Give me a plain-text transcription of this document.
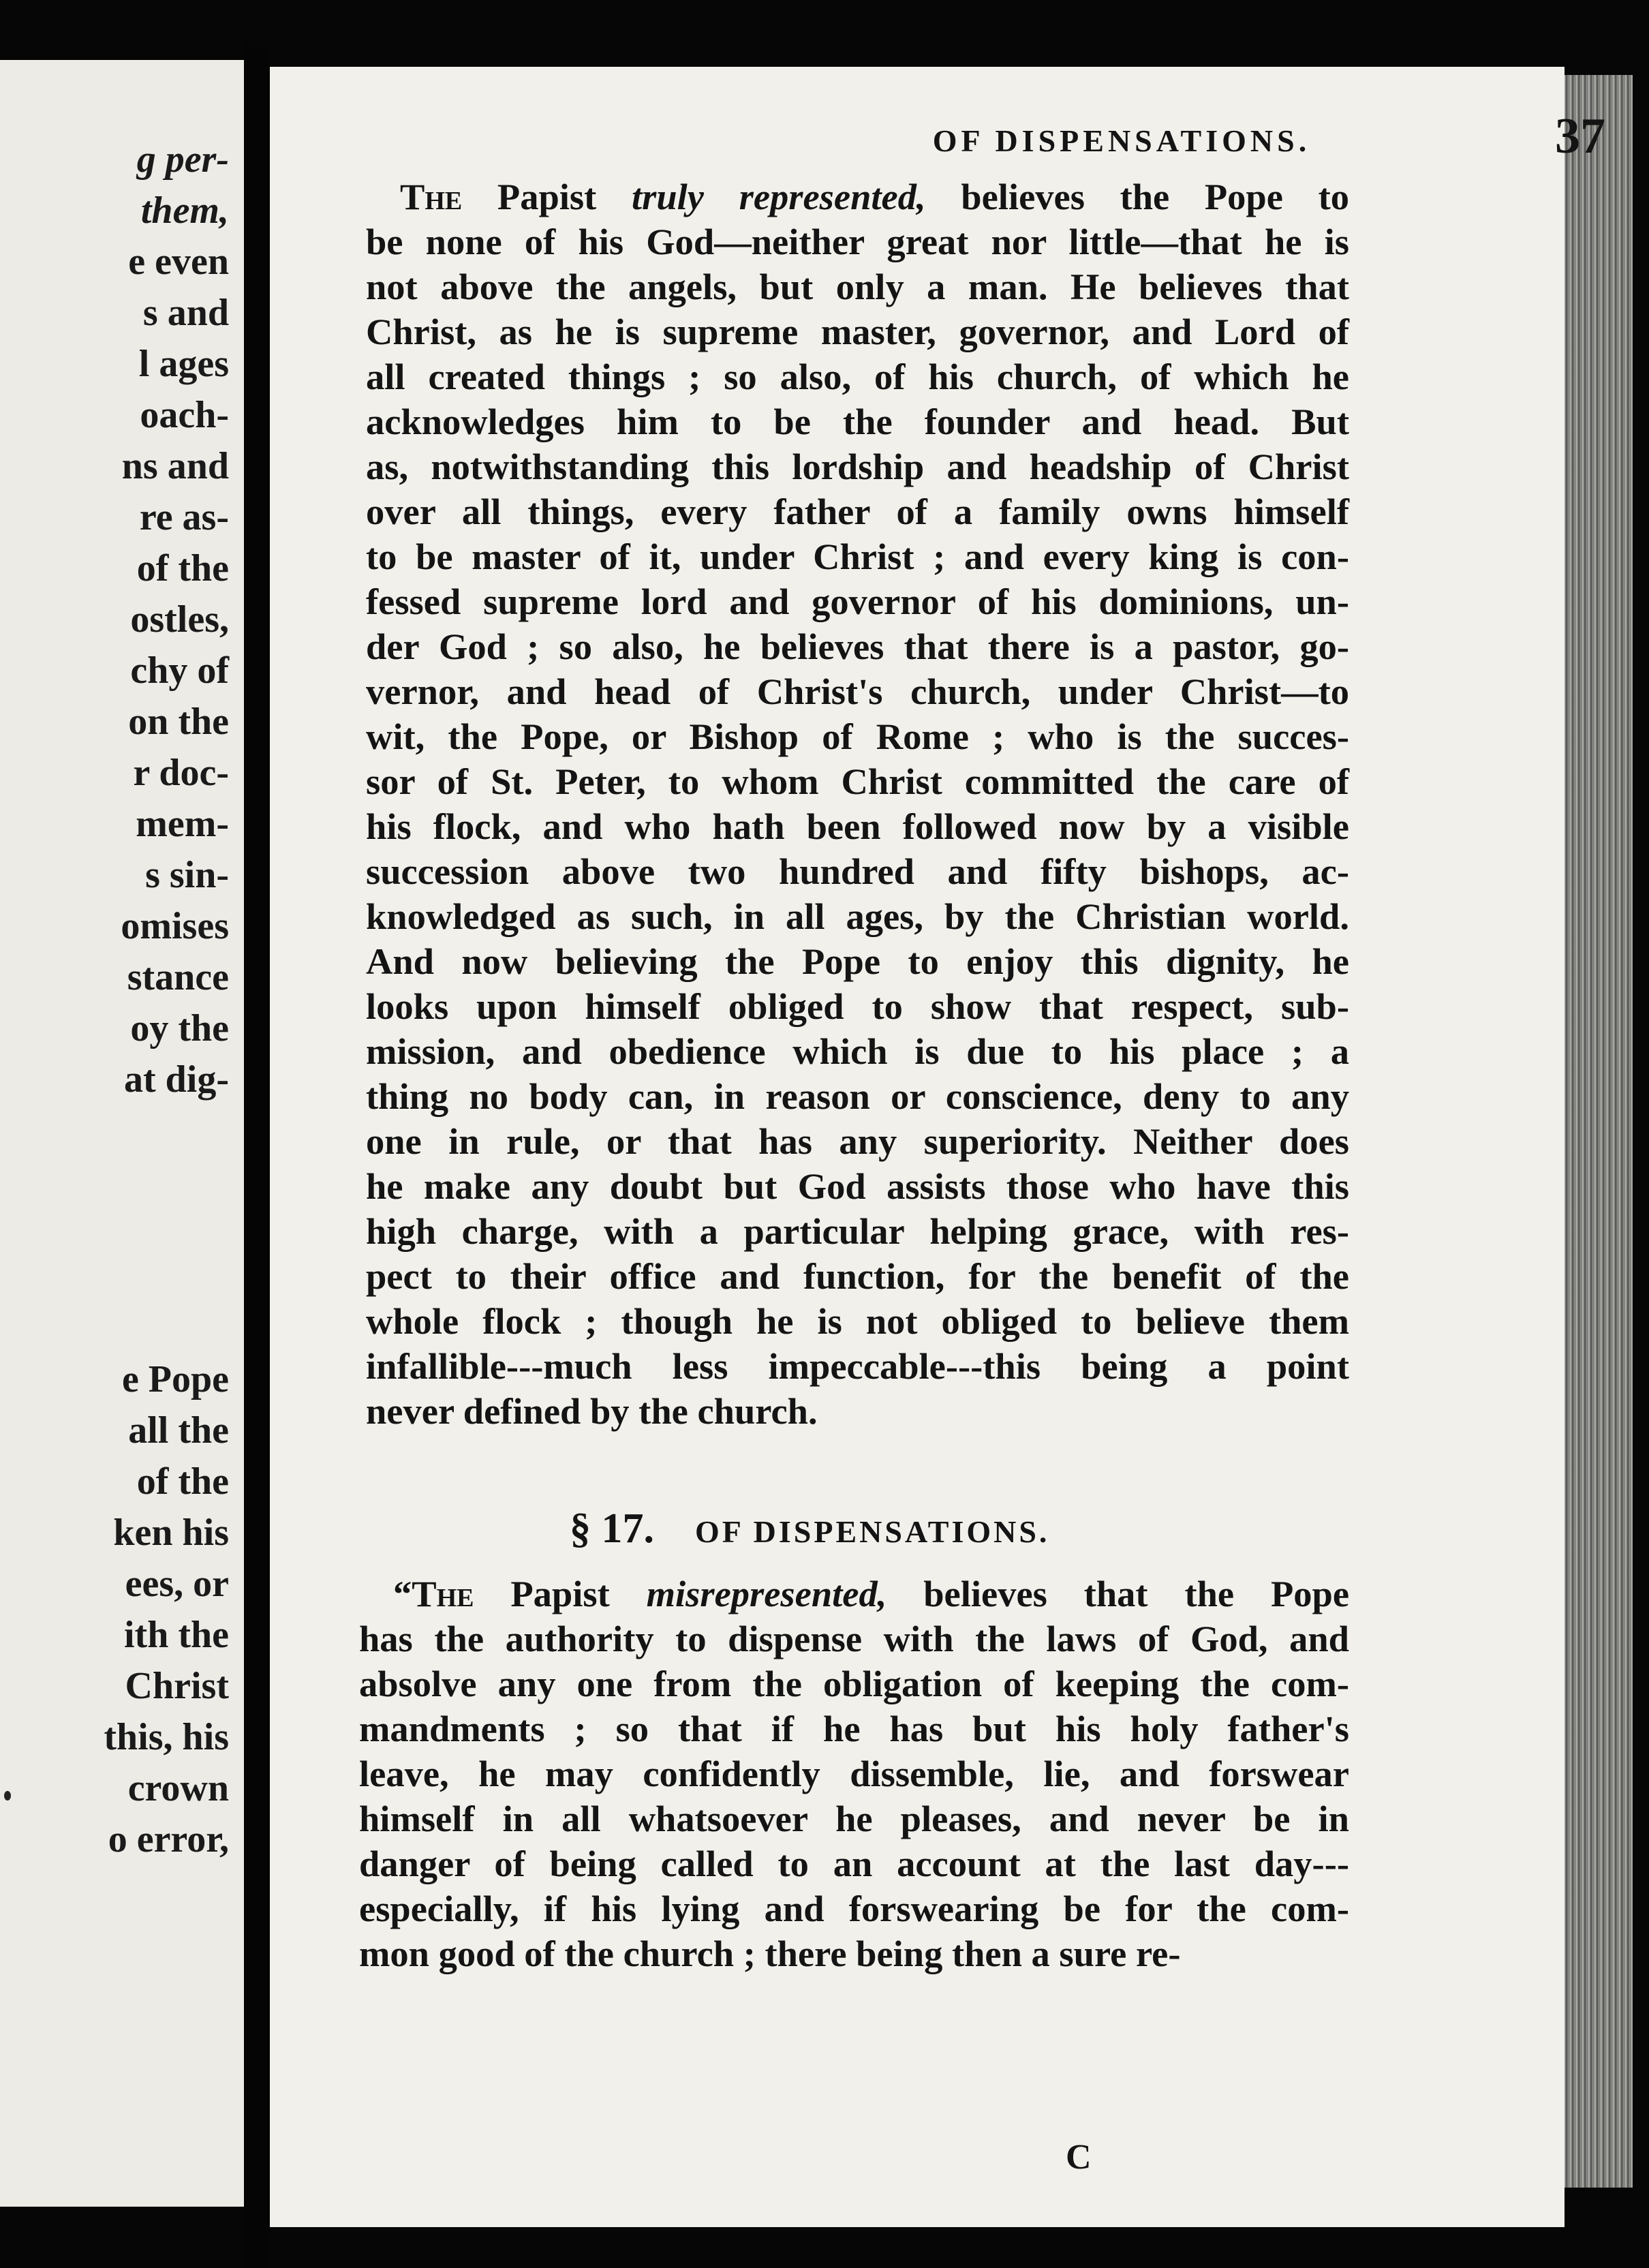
g per-

them,

e even

s and

l ages

oach-

ns and

re as-

of the

ostles,

chy of

on the

r doc-

mem-

s sin-

omises

stance

oy the

at dig-

e Pope

all the

of the

ken his

ees, or

ith the

Christ

this, his

crown

o error,

OF DISPENSATIONS.	37
The Papist truly represented, believes the Pope to
be none of his God—neither great nor little—that he is
not above the angels, but only a man. He believes that
Christ, as he is supreme master, governor, and Lord of
all created things ; so also, of his church, of which he
acknowledges him to be the founder and head. But
as, notwithstanding this lordship and headship of Christ
over all things, every father of a family owns himself
to be master of it, under Christ ; and every king is con-
fessed supreme lord and governor of his dominions, un-
der God ; so also, he believes that there is a pastor, go-
vernor, and head of Christ's church, under Christ—to
wit, the Pope, or Bishop of Rome ; who is the succes-
sor of St. Peter, to whom Christ committed the care of
his flock, and who hath been followed now by a visible
succession above two hundred and fifty bishops, ac-
knowledged as such, in all ages, by the Christian world.
And now believing the Pope to enjoy this dignity, he
looks upon himself obliged to show that respect, sub-
mission, and obedience which is due to his place ; a
thing no body can, in reason or conscience, deny to any
one in rule, or that has any superiority. Neither does
he make any doubt but God assists those who have this
high charge, with a particular helping grace, with res-
pect to their office and function, for the benefit of the
whole flock ; though he is not obliged to believe them
infallible---much less impeccable---this being a point
never defined by the church.
§ 17. OF DISPENSATIONS.
“The Papist misrepresented, believes that the Pope
has the authority to dispense with the laws of God, and
absolve any one from the obligation of keeping the com-
mandments ; so that if he has but his holy father's
leave, he may confidently dissemble, lie, and forswear
himself in all whatsoever he pleases, and never be in
danger of being called to an account at the last day---
especially, if his lying and forswearing be for the com-
mon good of the church ; there being then a sure re-
C
